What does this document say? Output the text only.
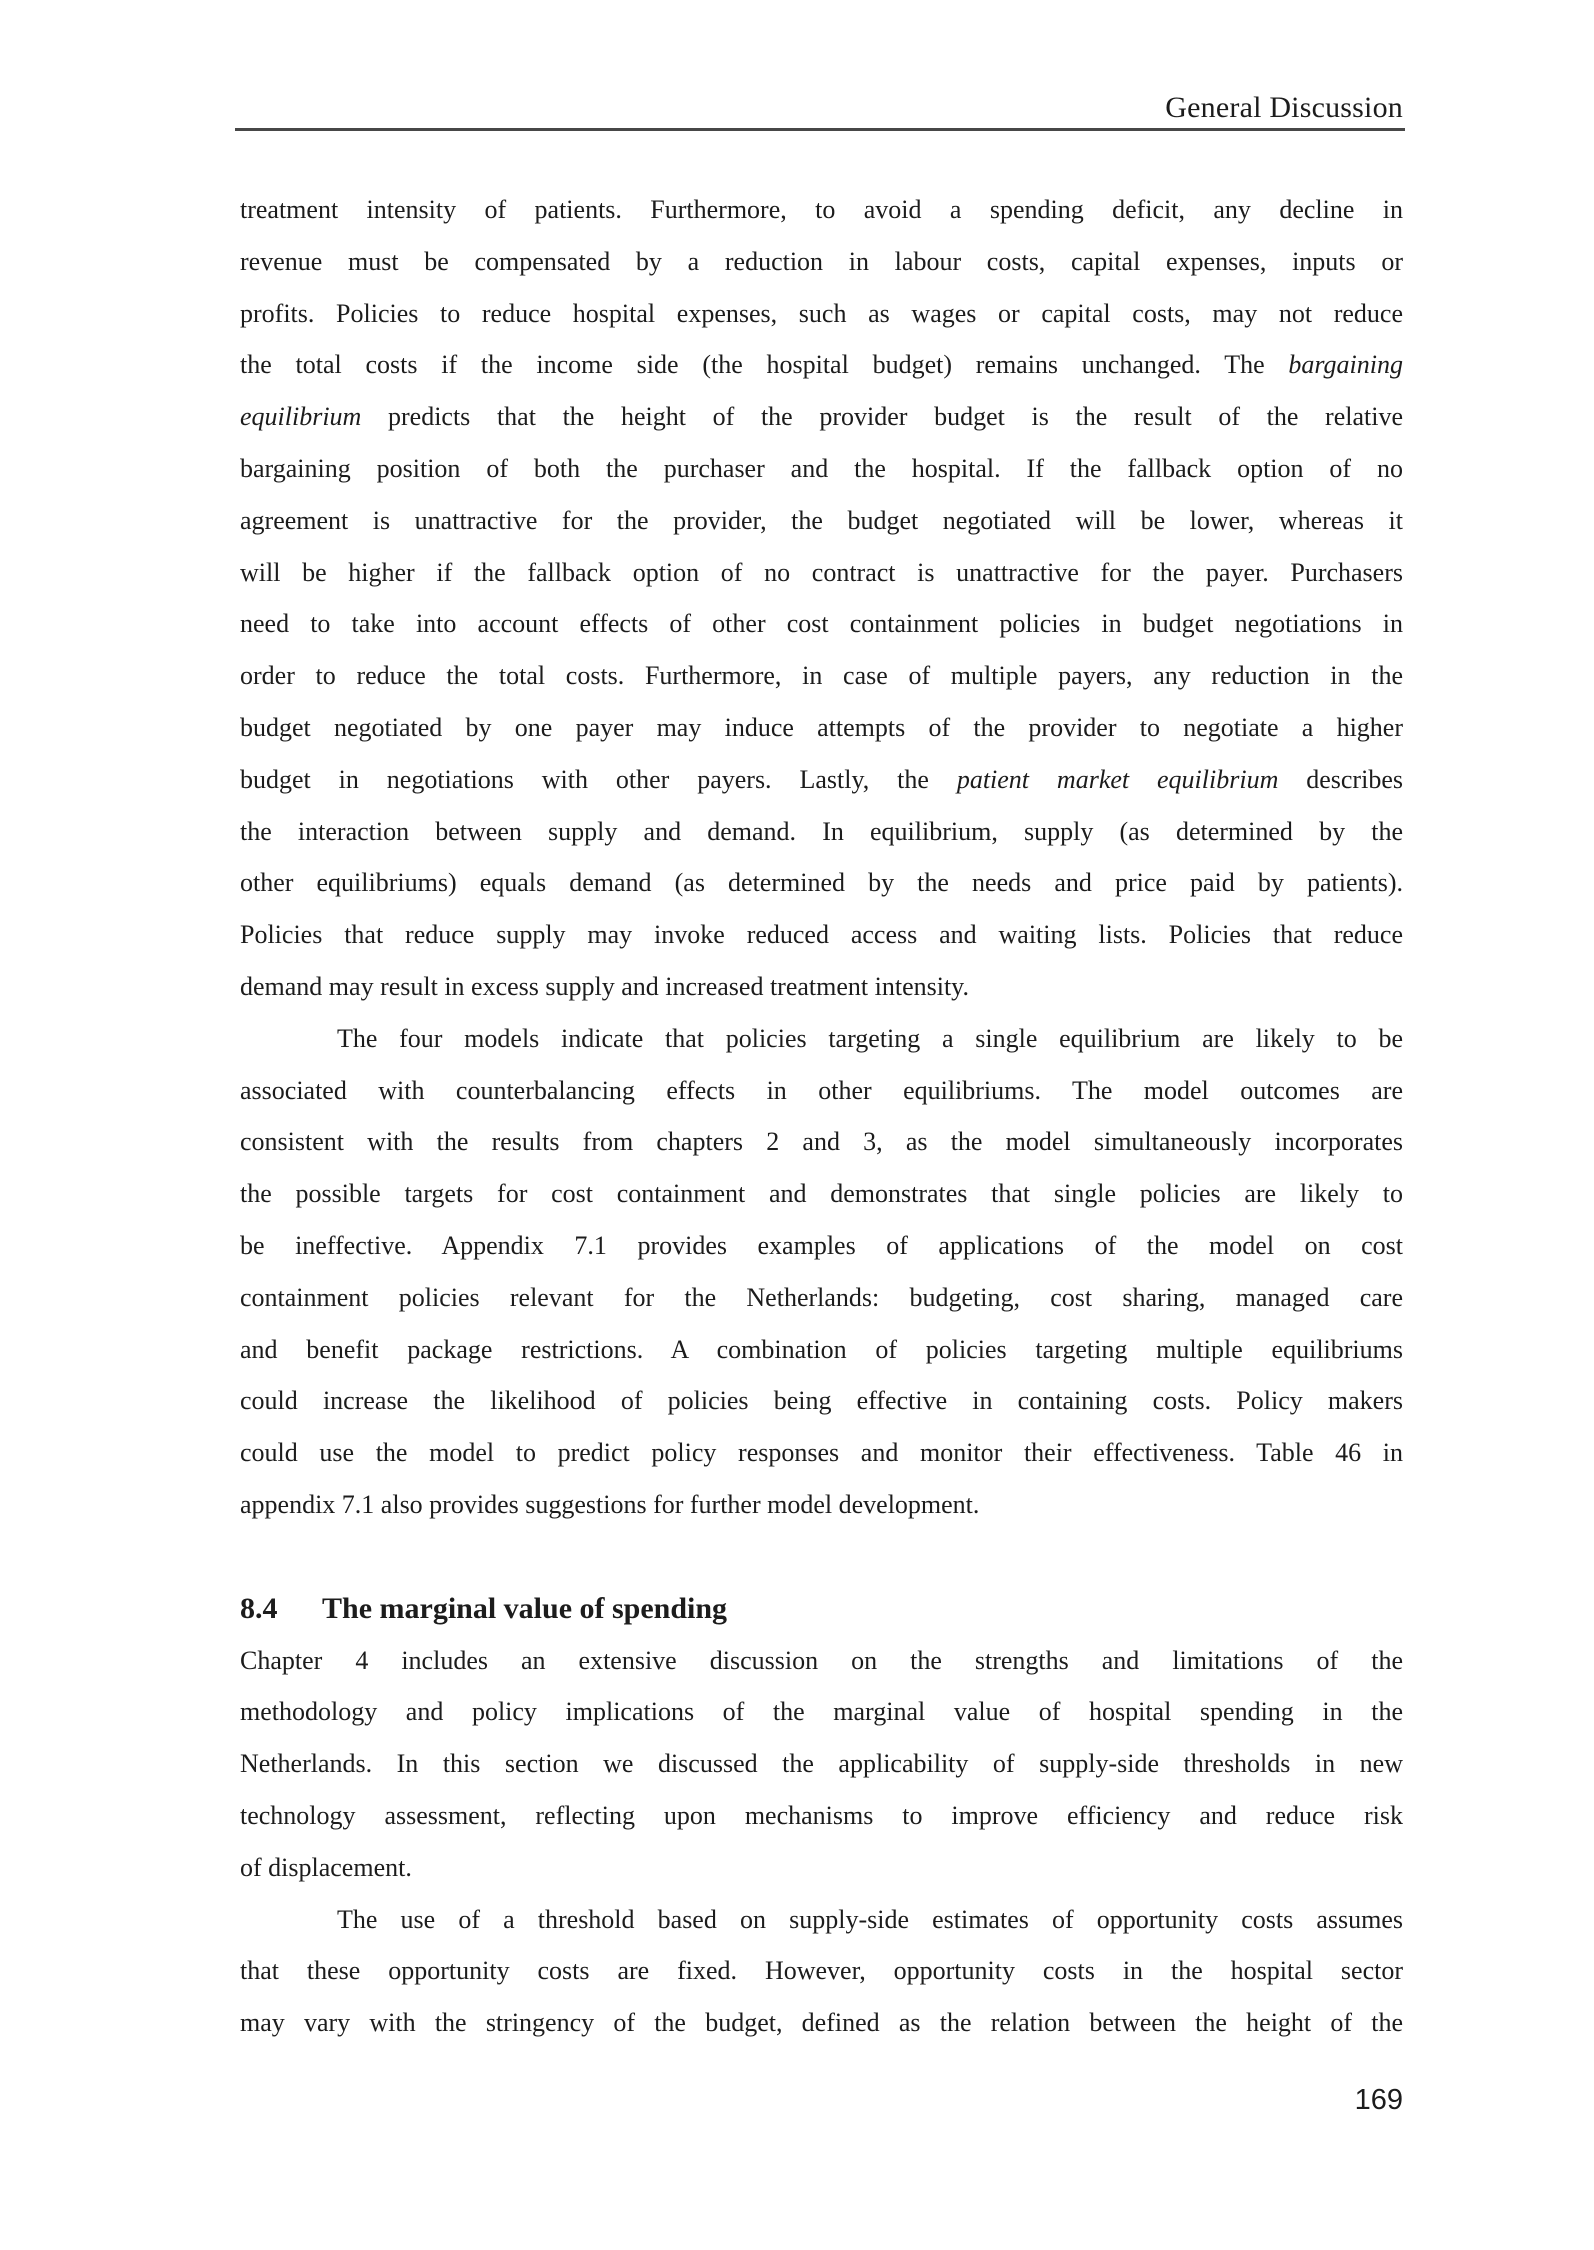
General Discussion
treatment intensity of patients. Furthermore, to avoid a spending deficit, any decline in
revenue must be compensated by a reduction in labour costs, capital expenses, inputs or
profits. Policies to reduce hospital expenses, such as wages or capital costs, may not reduce
the total costs if the income side (the hospital budget) remains unchanged. The bargaining
equilibrium predicts that the height of the provider budget is the result of the relative
bargaining position of both the purchaser and the hospital. If the fallback option of no
agreement is unattractive for the provider, the budget negotiated will be lower, whereas it
will be higher if the fallback option of no contract is unattractive for the payer. Purchasers
need to take into account effects of other cost containment policies in budget negotiations in
order to reduce the total costs. Furthermore, in case of multiple payers, any reduction in the
budget negotiated by one payer may induce attempts of the provider to negotiate a higher
budget in negotiations with other payers. Lastly, the patient market equilibrium describes
the interaction between supply and demand. In equilibrium, supply (as determined by the
other equilibriums) equals demand (as determined by the needs and price paid by patients).
Policies that reduce supply may invoke reduced access and waiting lists. Policies that reduce
demand may result in excess supply and increased treatment intensity.
The four models indicate that policies targeting a single equilibrium are likely to be
associated with counterbalancing effects in other equilibriums. The model outcomes are
consistent with the results from chapters 2 and 3, as the model simultaneously incorporates
the possible targets for cost containment and demonstrates that single policies are likely to
be ineffective. Appendix 7.1 provides examples of applications of the model on cost
containment policies relevant for the Netherlands: budgeting, cost sharing, managed care
and benefit package restrictions. A combination of policies targeting multiple equilibriums
could increase the likelihood of policies being effective in containing costs. Policy makers
could use the model to predict policy responses and monitor their effectiveness. Table 46 in
appendix 7.1 also provides suggestions for further model development.
8.4 The marginal value of spending
Chapter 4 includes an extensive discussion on the strengths and limitations of the
methodology and policy implications of the marginal value of hospital spending in the
Netherlands. In this section we discussed the applicability of supply-side thresholds in new
technology assessment, reflecting upon mechanisms to improve efficiency and reduce risk
of displacement.
The use of a threshold based on supply-side estimates of opportunity costs assumes
that these opportunity costs are fixed. However, opportunity costs in the hospital sector
may vary with the stringency of the budget, defined as the relation between the height of the
169
